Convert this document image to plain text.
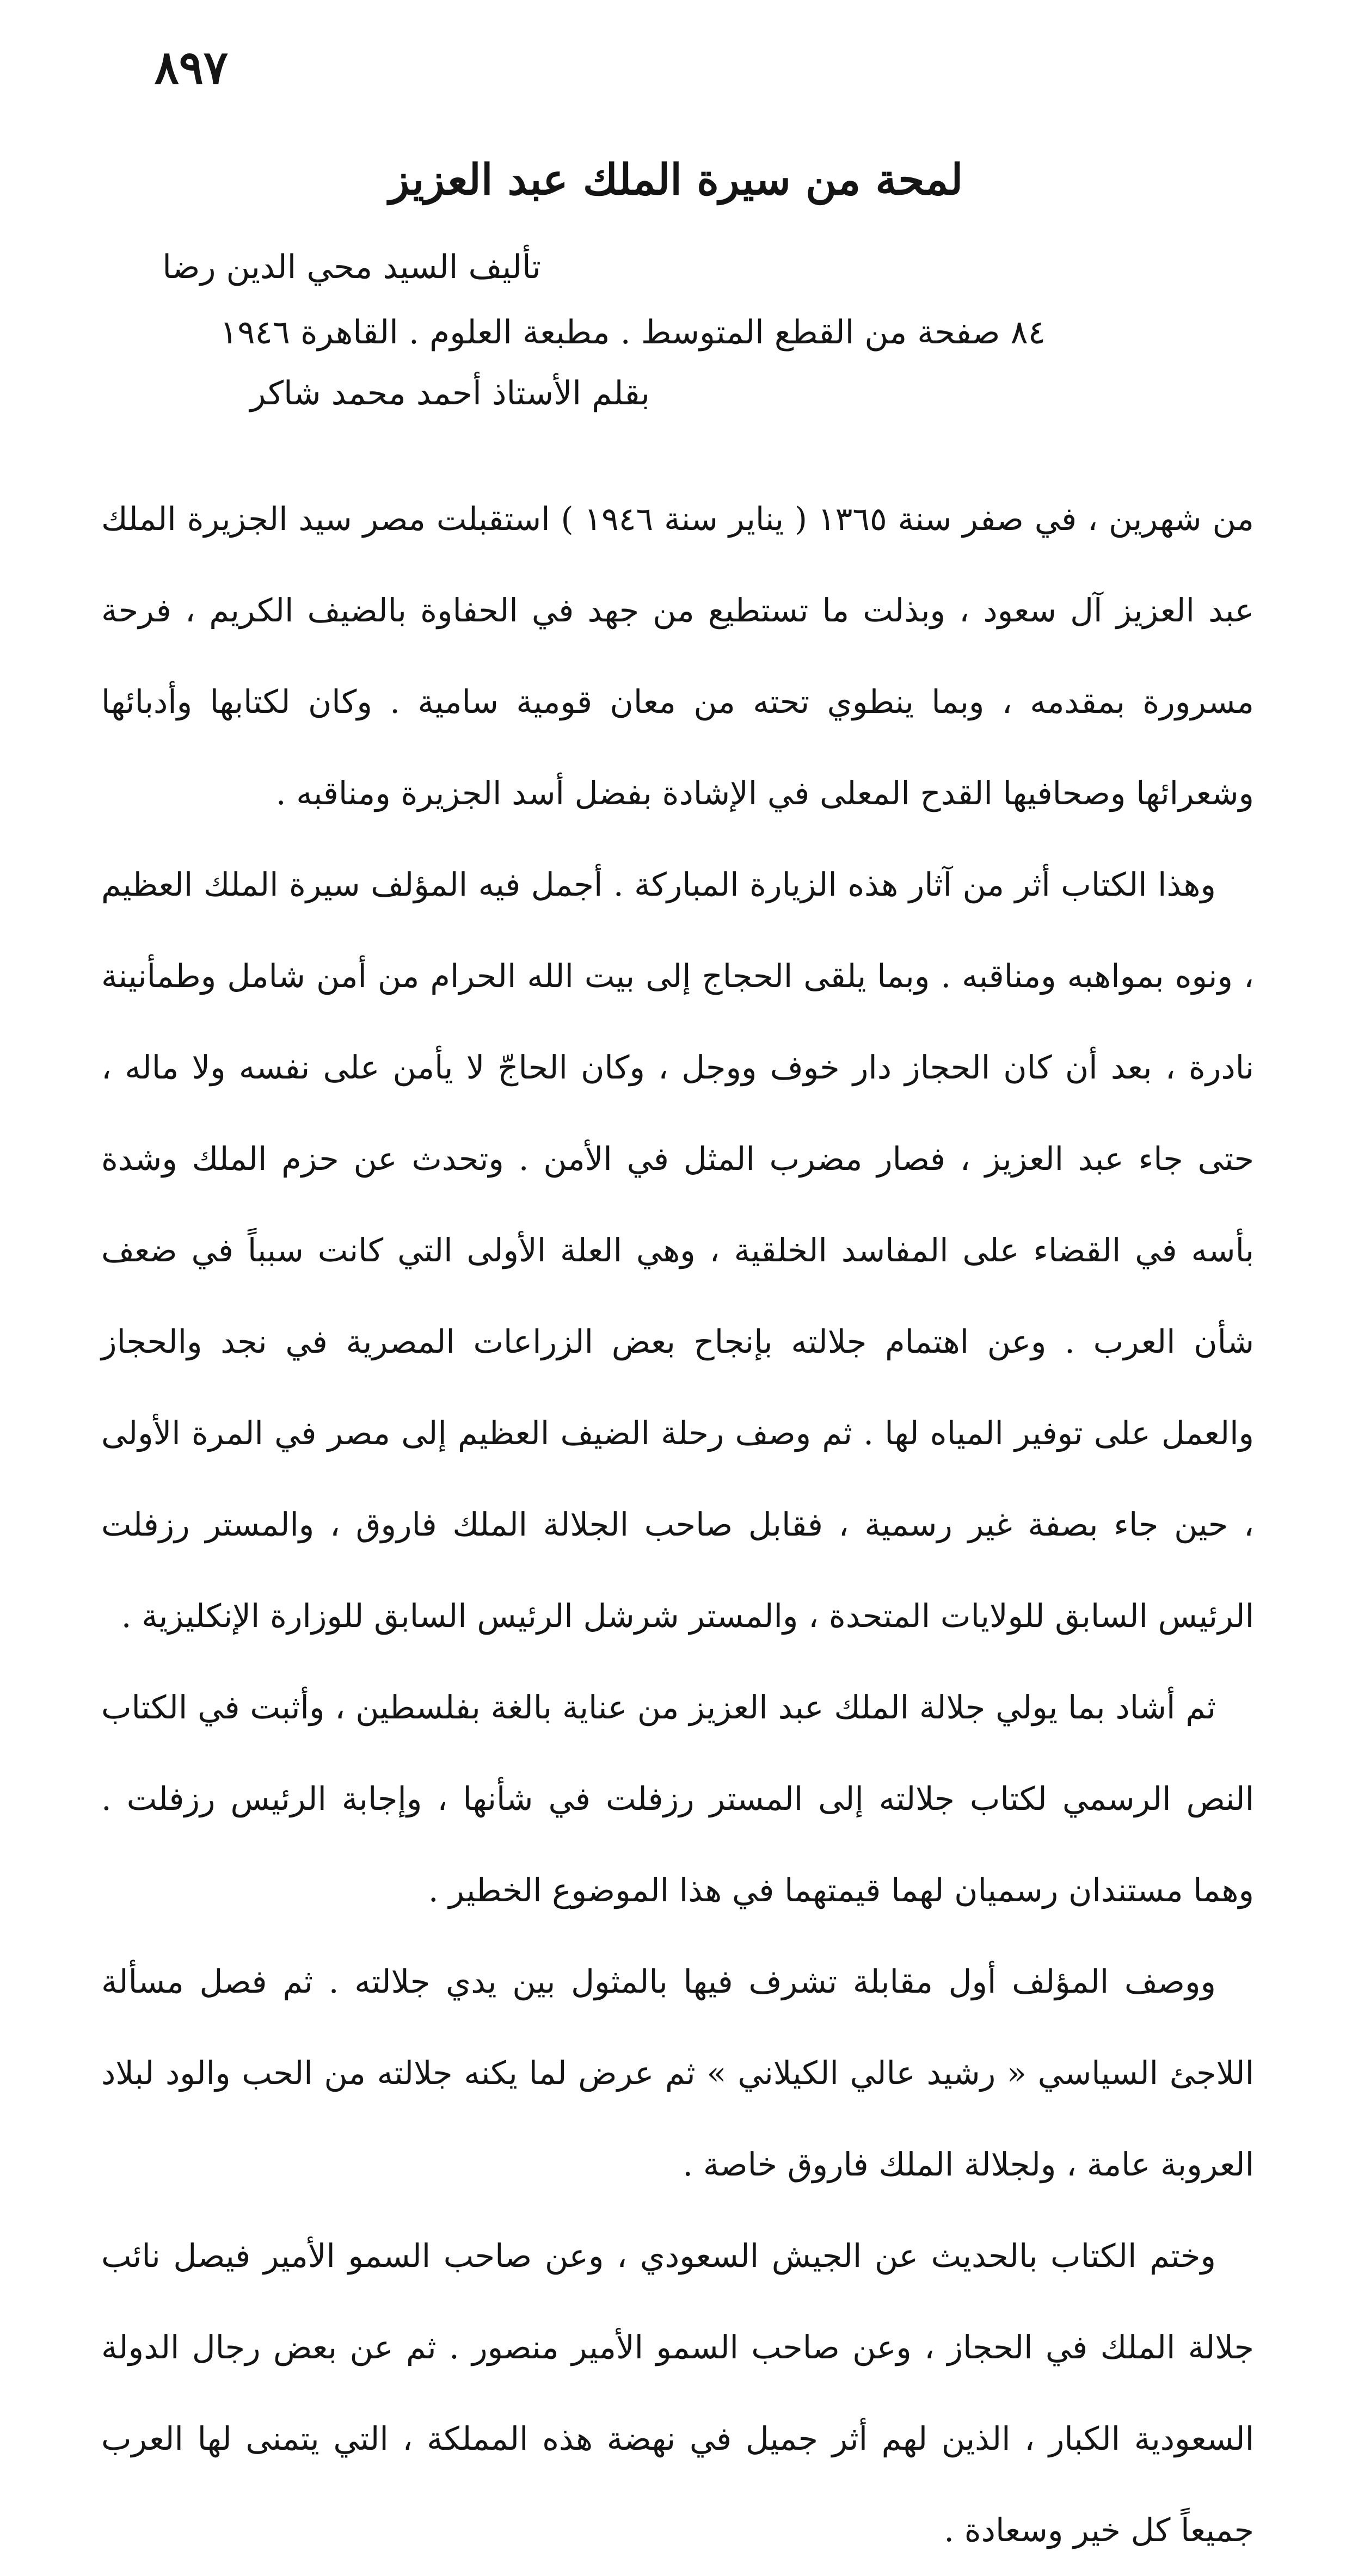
٨٩٧
لمحة من سيرة الملك عبد العزيز
تأليف السيد محي الدين رضا
٨٤ صفحة من القطع المتوسط . مطبعة العلوم . القاهرة ١٩٤٦
بقلم الأستاذ أحمد محمد شاكر

من شهرين ، في صفر سنة ١٣٦٥ ( يناير سنة ١٩٤٦ ) استقبلت مصر سيد الجزيرة الملك عبد العزيز آل سعود ، وبذلت ما تستطيع من جهد في الحفاوة بالضيف الكريم ، فرحة مسرورة بمقدمه ، وبما ينطوي تحته من معان قومية سامية . وكان لكتابها وأدبائها وشعرائها وصحافيها القدح المعلى في الإشادة بفضل أسد الجزيرة ومناقبه .

وهذا الكتاب أثر من آثار هذه الزيارة المباركة . أجمل فيه المؤلف سيرة الملك العظيم ، ونوه بمواهبه ومناقبه . وبما يلقى الحجاج إلى بيت الله الحرام من أمن شامل وطمأنينة نادرة ، بعد أن كان الحجاز دار خوف ووجل ، وكان الحاجّ لا يأمن على نفسه ولا ماله ، حتى جاء عبد العزيز ، فصار مضرب المثل في الأمن . وتحدث عن حزم الملك وشدة بأسه في القضاء على المفاسد الخلقية ، وهي العلة الأولى التي كانت سبباً في ضعف شأن العرب . وعن اهتمام جلالته بإنجاح بعض الزراعات المصرية في نجد والحجاز والعمل على توفير المياه لها . ثم وصف رحلة الضيف العظيم إلى مصر في المرة الأولى ، حين جاء بصفة غير رسمية ، فقابل صاحب الجلالة الملك فاروق ، والمستر رزفلت الرئيس السابق للولايات المتحدة ، والمستر شرشل الرئيس السابق للوزارة الإنكليزية .

ثم أشاد بما يولي جلالة الملك عبد العزيز من عناية بالغة بفلسطين ، وأثبت في الكتاب النص الرسمي لكتاب جلالته إلى المستر رزفلت في شأنها ، وإجابة الرئيس رزفلت . وهما مستندان رسميان لهما قيمتهما في هذا الموضوع الخطير .

ووصف المؤلف أول مقابلة تشرف فيها بالمثول بين يدي جلالته . ثم فصل مسألة اللاجئ السياسي « رشيد عالي الكيلاني » ثم عرض لما يكنه جلالته من الحب والود لبلاد العروبة عامة ، ولجلالة الملك فاروق خاصة .

وختم الكتاب بالحديث عن الجيش السعودي ، وعن صاحب السمو الأمير فيصل نائب جلالة الملك في الحجاز ، وعن صاحب السمو الأمير منصور . ثم عن بعض رجال الدولة السعودية الكبار ، الذين لهم أثر جميل في نهضة هذه المملكة ، التي يتمنى لها العرب جميعاً كل خير وسعادة .
